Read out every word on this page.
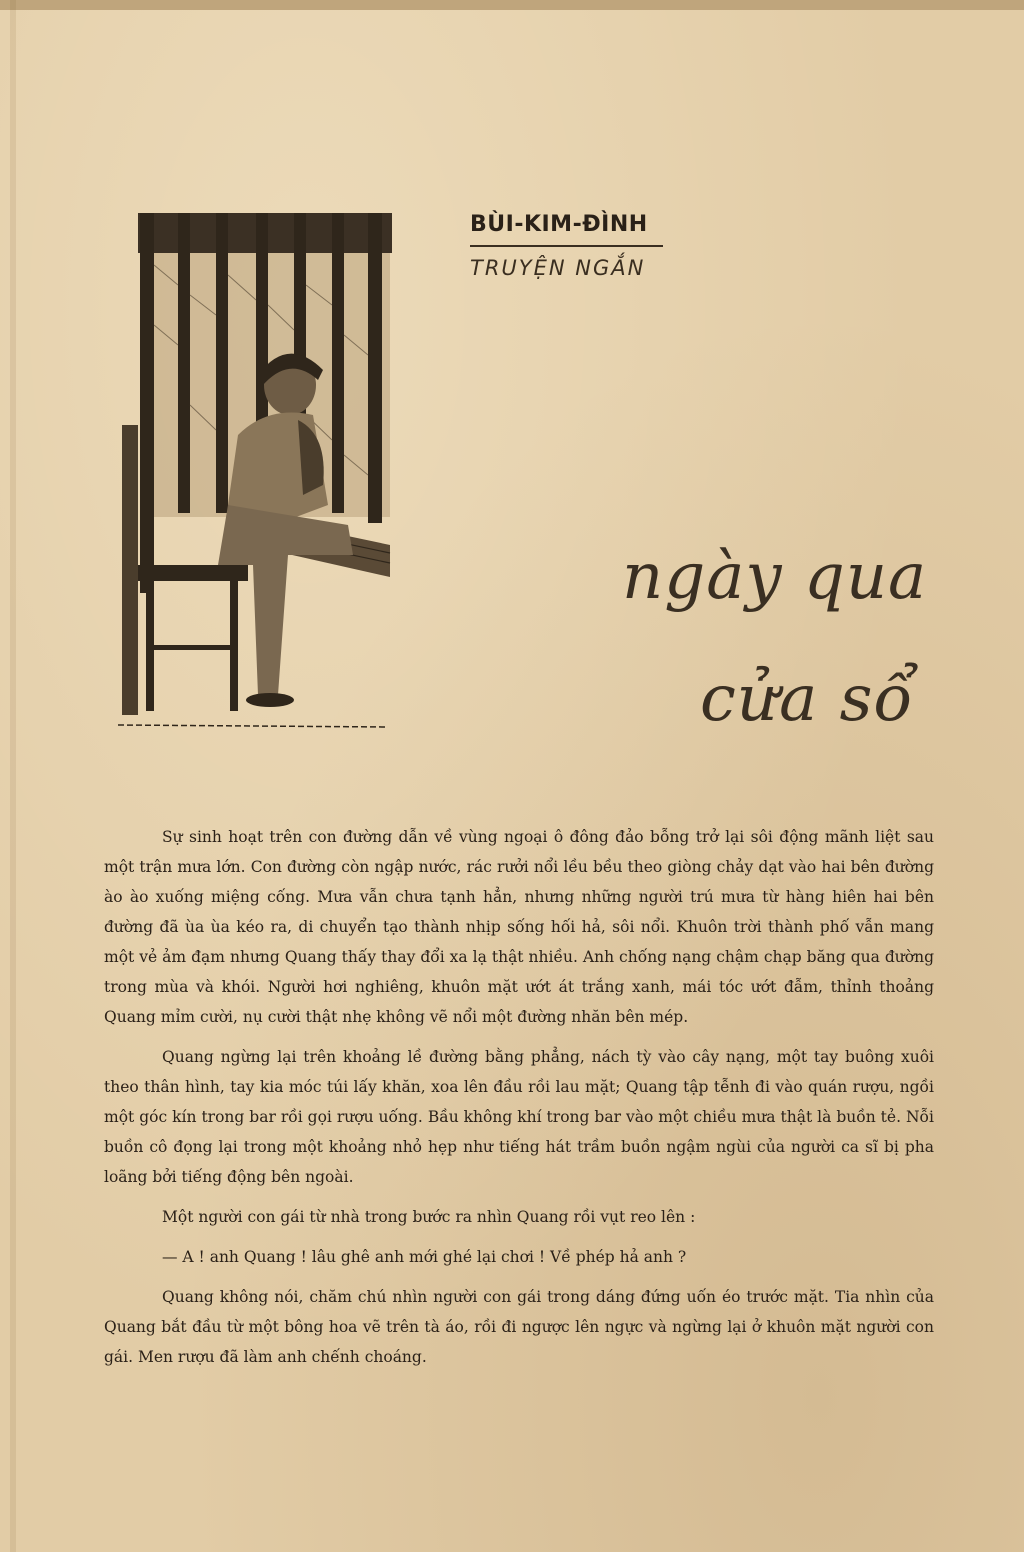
BÙI-KIM-ĐÌNH
TRUYỆN NGẮN
ngày qua
cửa sổ

Sự sinh hoạt trên con đường dẫn về vùng ngoại ô đông đảo bỗng trở lại sôi động mãnh liệt sau một trận mưa lớn. Con đường còn ngập nước, rác rưởi nổi lều bều theo giòng chảy dạt vào hai bên đường ào ào xuống miệng cống. Mưa vẫn chưa tạnh hẳn, nhưng những người trú mưa từ hàng hiên hai bên đường đã ùa ùa kéo ra, di chuyển tạo thành nhịp sống hối hả, sôi nổi. Khuôn trời thành phố vẫn mang một vẻ ảm đạm nhưng Quang thấy thay đổi xa lạ thật nhiều. Anh chống nạng chậm chạp băng qua đường trong mùa và khói. Người hơi nghiêng, khuôn mặt ướt át trắng xanh, mái tóc ướt đẫm, thỉnh thoảng Quang mỉm cười, nụ cười thật nhẹ không vẽ nổi một đường nhăn bên mép.

Quang ngừng lại trên khoảng lề đường bằng phẳng, nách tỳ vào cây nạng, một tay buông xuôi theo thân hình, tay kia móc túi lấy khăn, xoa lên đầu rồi lau mặt; Quang tập tễnh đi vào quán rượu, ngồi một góc kín trong bar rồi gọi rượu uống. Bầu không khí trong bar vào một chiều mưa thật là buồn tẻ. Nỗi buồn cô đọng lại trong một khoảng nhỏ hẹp như tiếng hát trầm buồn ngậm ngùi của người ca sĩ bị pha loãng bởi tiếng động bên ngoài.

Một người con gái từ nhà trong bước ra nhìn Quang rồi vụt reo lên :

— A ! anh Quang ! lâu ghê anh mới ghé lại chơi ! Về phép hả anh ?

Quang không nói, chăm chú nhìn người con gái trong dáng đứng uốn éo trước mặt. Tia nhìn của Quang bắt đầu từ một bông hoa vẽ trên tà áo, rồi đi ngược lên ngực và ngừng lại ở khuôn mặt người con gái. Men rượu đã làm anh chếnh choáng.
